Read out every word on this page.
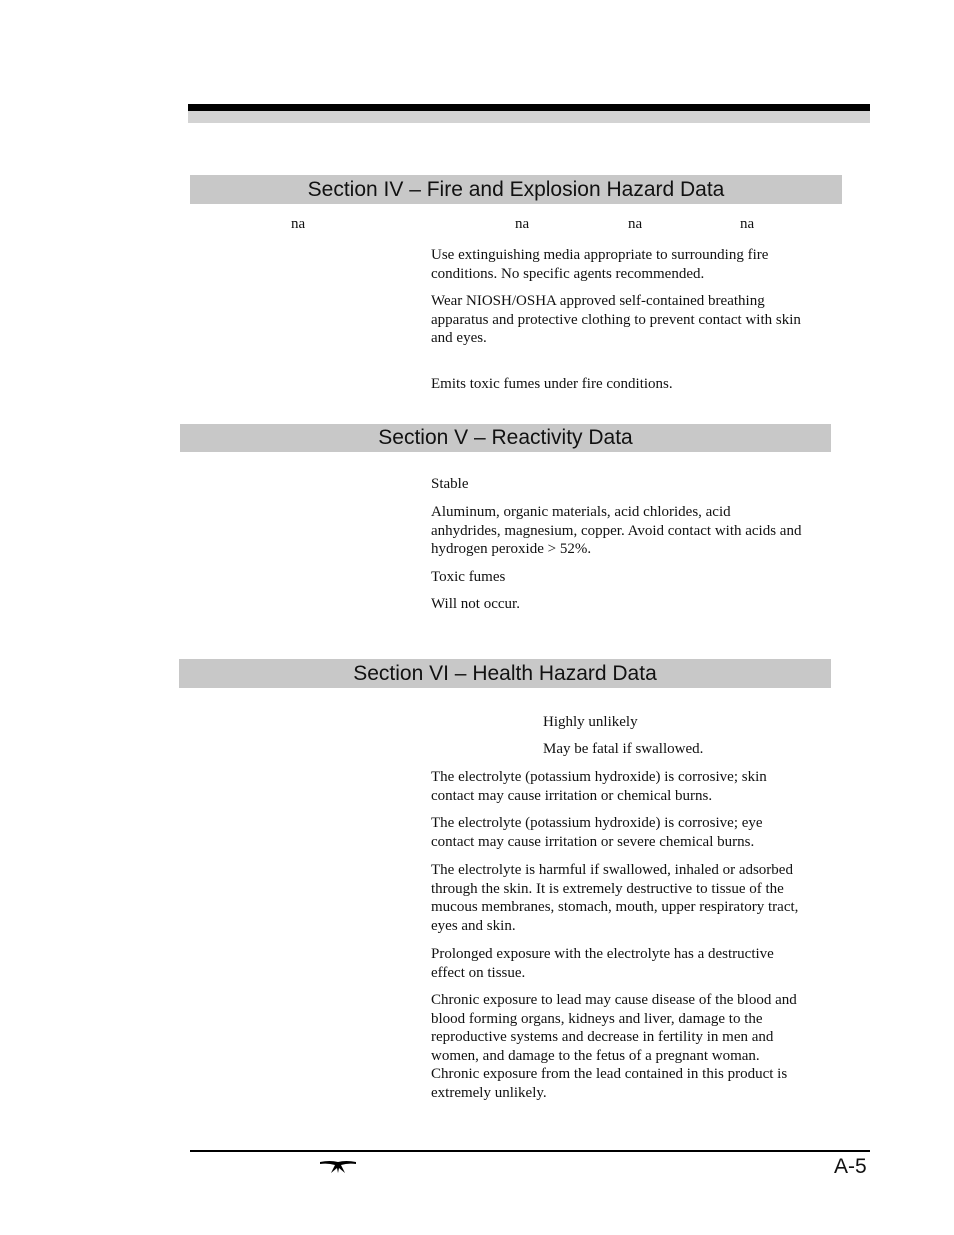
Section IV – Fire and Explosion Hazard Data

na	na	na	na

Use extinguishing media appropriate to surrounding fire conditions. No specific agents recommended.

Wear NIOSH/OSHA approved self-contained breathing apparatus and protective clothing to prevent contact with skin and eyes.

Emits toxic fumes under fire conditions.

Section V – Reactivity Data

Stable

Aluminum, organic materials, acid chlorides, acid anhydrides, magnesium, copper. Avoid contact with acids and hydrogen peroxide > 52%.

Toxic fumes

Will not occur.

Section VI – Health Hazard Data

Highly unlikely

May be fatal if swallowed.

The electrolyte (potassium hydroxide) is corrosive; skin contact may cause irritation or chemical burns.

The electrolyte (potassium hydroxide) is corrosive; eye contact may cause irritation or severe chemical burns.

The electrolyte is harmful if swallowed, inhaled or adsorbed through the skin. It is extremely destructive to tissue of the mucous membranes, stomach, mouth, upper respiratory tract, eyes and skin.

Prolonged exposure with the electrolyte has a destructive effect on tissue.

Chronic exposure to lead may cause disease of the blood and blood forming organs, kidneys and liver, damage to the reproductive systems and decrease in fertility in men and women, and damage to the fetus of a pregnant woman. Chronic exposure from the lead contained in this product is extremely unlikely.

A-5
